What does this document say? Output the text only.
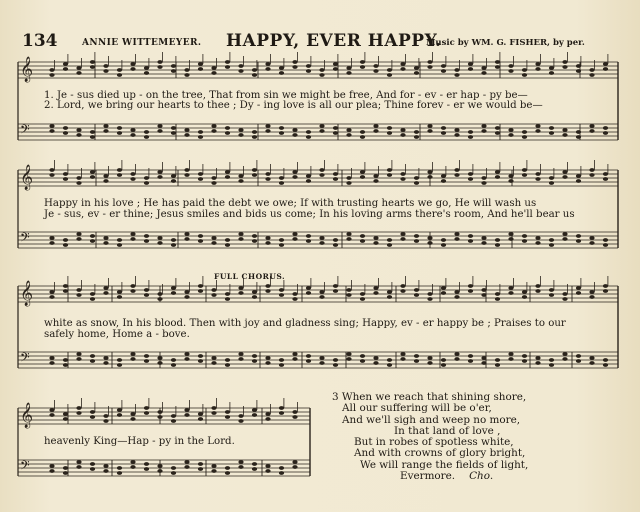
134	ANNIE WITTEMEYER. HAPPY, EVER HAPPY.
Music by WM. G. FISHER, by per.
𝄞
𝄢
𝄞
𝄢
𝄞
𝄢
𝄞
𝄢
1. Je - sus died up - on the tree, That from sin we might be free, And for - ev - er hap - py be—
2. Lord, we bring our hearts to thee ; Dy - ing love is all our plea; Thine forev - er we would be—
Happy in his love ; He has paid the debt we owe; If with trusting hearts we go, He will wash us
Je - sus, ev - er thine; Jesus smiles and bids us come; In his loving arms there's room, And he'll bear us
FULL CHORUS.
white as snow, In his blood. Then with joy and gladness sing; Happy, ev - er happy be ; Praises to our
safely home, Home a - bove.
heavenly King—Hap - py in the Lord.
3 When we reach that shining shore,
All our suffering will be o'er,
And we'll sigh and weep no more,
In that land of love ,
But in robes of spotless white,
And with crowns of glory bright,
We will range the fields of light,
Evermore. Cho.
